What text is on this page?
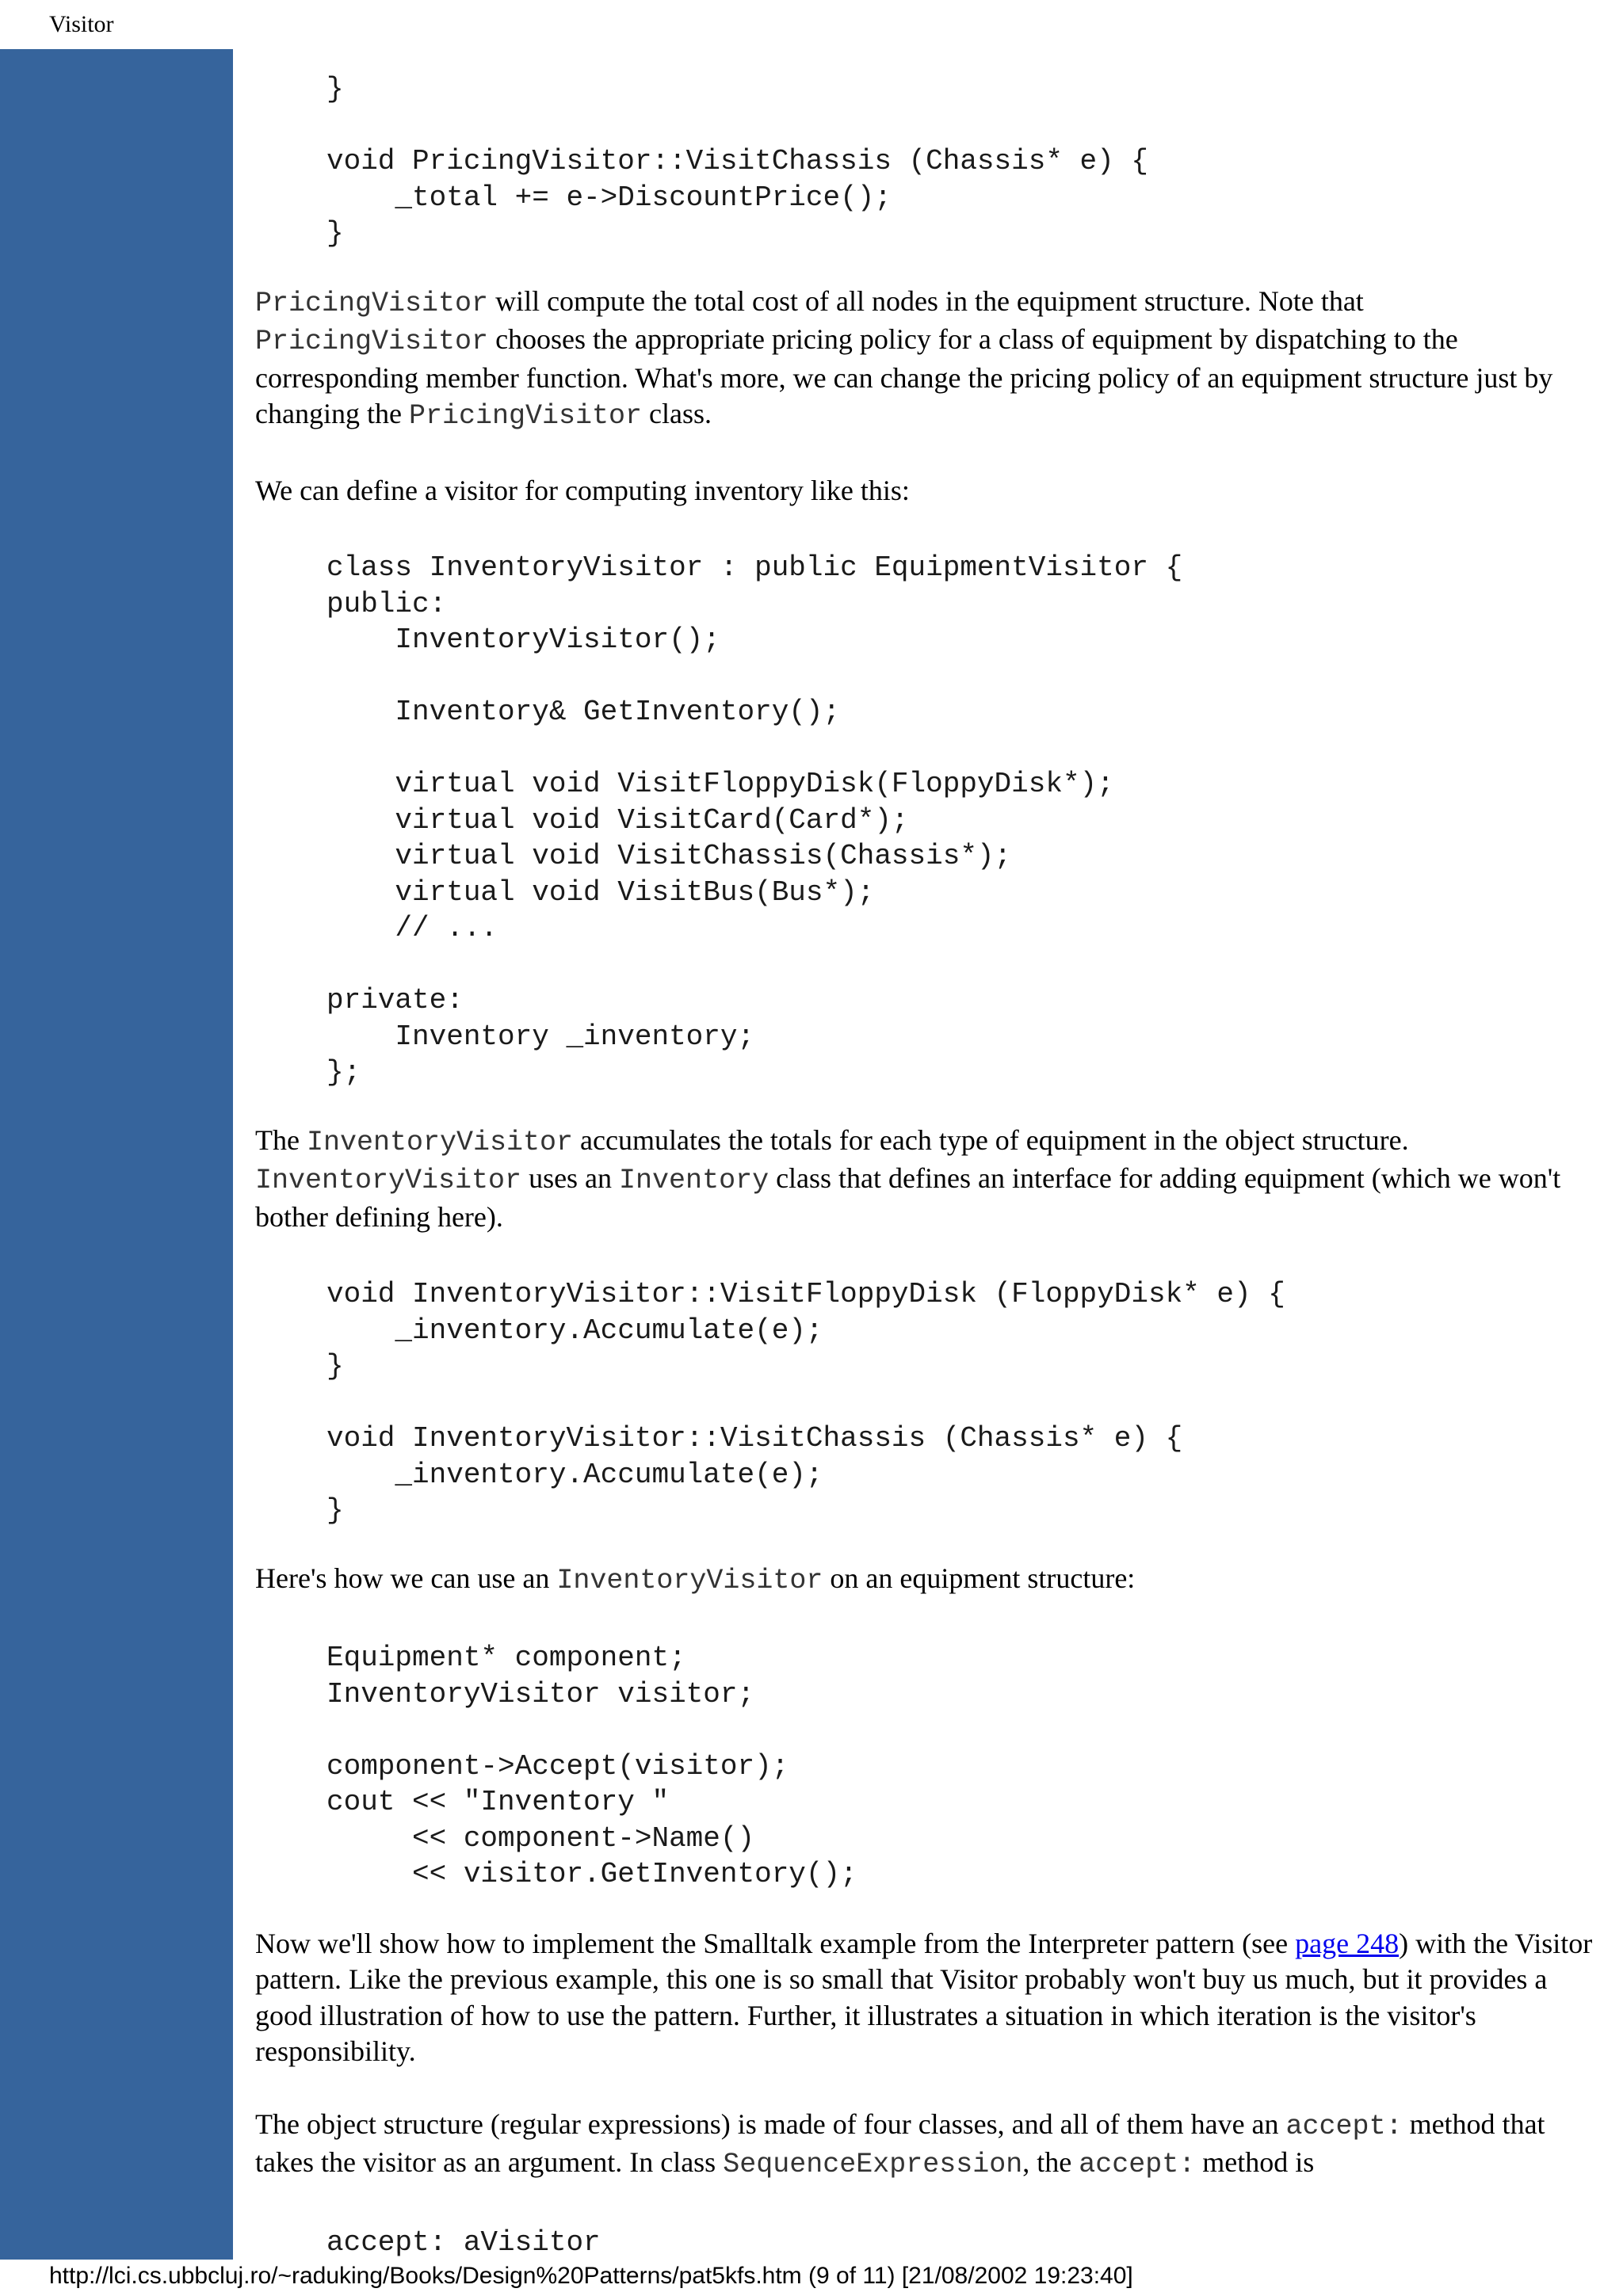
Visitor
}

void PricingVisitor::VisitChassis (Chassis* e) {
_total += e->DiscountPrice();
}

PricingVisitor will compute the total cost of all nodes in the equipment structure. Note that PricingVisitor chooses the appropriate pricing policy for a class of equipment by dispatching to the corresponding member function. What's more, we can change the pricing policy of an equipment structure just by changing the PricingVisitor class.

We can define a visitor for computing inventory like this:

class InventoryVisitor : public EquipmentVisitor {
public:
InventoryVisitor();

Inventory& GetInventory();

virtual void VisitFloppyDisk(FloppyDisk*);
virtual void VisitCard(Card*);
virtual void VisitChassis(Chassis*);
virtual void VisitBus(Bus*);
// ...

private:
Inventory _inventory;
};

The InventoryVisitor accumulates the totals for each type of equipment in the object structure. InventoryVisitor uses an Inventory class that defines an interface for adding equipment (which we won't bother defining here).

void InventoryVisitor::VisitFloppyDisk (FloppyDisk* e) {
_inventory.Accumulate(e);
}

void InventoryVisitor::VisitChassis (Chassis* e) {
_inventory.Accumulate(e);
}

Here's how we can use an InventoryVisitor on an equipment structure:

Equipment* component;
InventoryVisitor visitor;

component->Accept(visitor);
cout << "Inventory "
<< component->Name()
<< visitor.GetInventory();

Now we'll show how to implement the Smalltalk example from the Interpreter pattern (see page 248) with the Visitor pattern. Like the previous example, this one is so small that Visitor probably won't buy us much, but it provides a good illustration of how to use the pattern. Further, it illustrates a situation in which iteration is the visitor's responsibility.

The object structure (regular expressions) is made of four classes, and all of them have an accept: method that takes the visitor as an argument. In class SequenceExpression, the accept: method is

accept: aVisitor
http://lci.cs.ubbcluj.ro/~raduking/Books/Design%20Patterns/pat5kfs.htm (9 of 11) [21/08/2002 19:23:40]
